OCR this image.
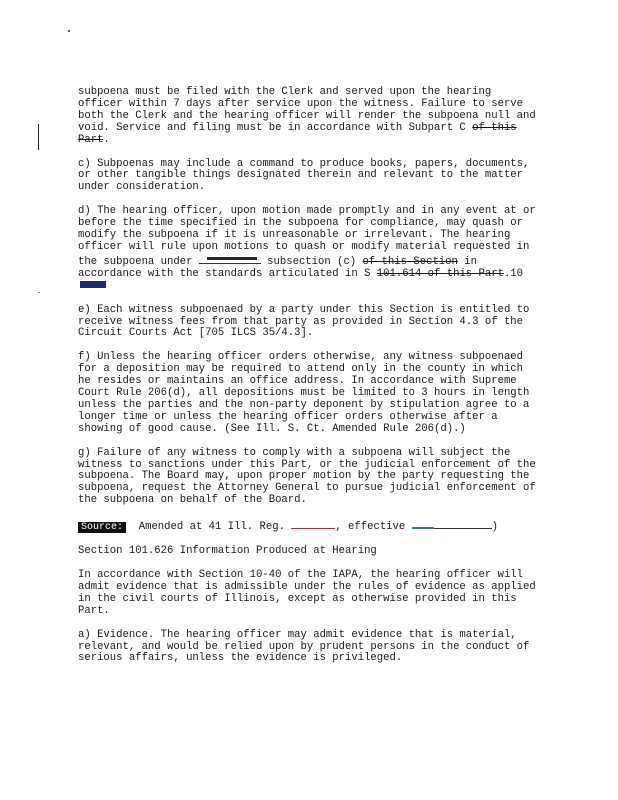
subpoena must be filed with the Clerk and served upon the hearing officer within 7 days after service upon the witness. Failure to serve both the Clerk and the hearing officer will render the subpoena null and void. Service and filing must be in accordance with Subpart C of this Part.

c) Subpoenas may include a command to produce books, papers, documents, or other tangible things designated therein and relevant to the matter under consideration.

d) The hearing officer, upon motion made promptly and in any event at or before the time specified in the subpoena for compliance, may quash or modify the subpoena if it is unreasonable or irrelevant. The hearing officer will rule upon motions to quash or modify material requested in the subpoena under	subsection (c) of this Section in accordance with the standards articulated in S 101.614 of this Part.10

e) Each witness subpoenaed by a party under this Section is entitled to receive witness fees from that party as provided in Section 4.3 of the Circuit Courts Act [705 ILCS 35/4.3].

f) Unless the hearing officer orders otherwise, any witness subpoenaed for a deposition may be required to attend only in the county in which he resides or maintains an office address. In accordance with Supreme Court Rule 206(d), all depositions must be limited to 3 hours in length unless the parties and the non-party deponent by stipulation agree to a longer time or unless the hearing officer orders otherwise after a showing of good cause. (See Ill. S. Ct. Amended Rule 206(d).)

g) Failure of any witness to comply with a subpoena will subject the witness to sanctions under this Part, or the judicial enforcement of the subpoena. The Board may, upon proper motion by the party requesting the subpoena, request the Attorney General to pursue judicial enforcement of the subpoena on behalf of the Board.

Source: Amended at 41 Ill. Reg.	, effective	)

Section 101.626 Information Produced at Hearing

In accordance with Section 10-40 of the IAPA, the hearing officer will admit evidence that is admissible under the rules of evidence as applied in the civil courts of Illinois, except as otherwise provided in this Part.

a) Evidence. The hearing officer may admit evidence that is material, relevant, and would be relied upon by prudent persons in the conduct of serious affairs, unless the evidence is privileged.
